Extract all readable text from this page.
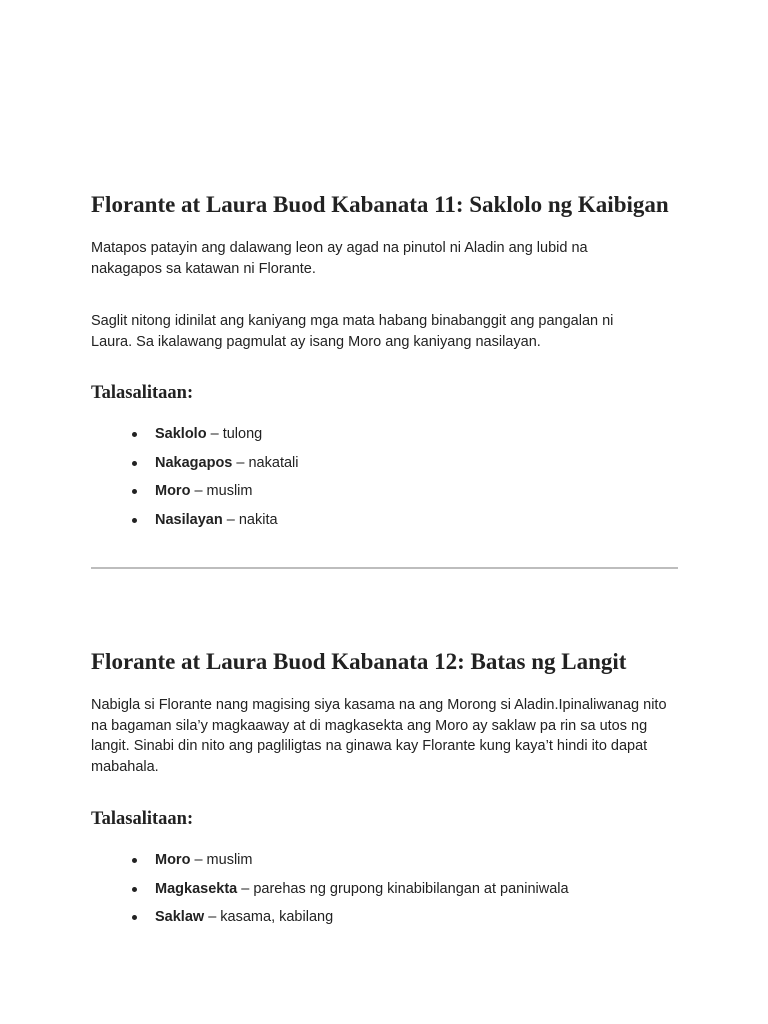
Florante at Laura Buod Kabanata 11: Saklolo ng Kaibigan

Matapos patayin ang dalawang leon ay agad na pinutol ni Aladin ang lubid na nakagapos sa katawan ni Florante.

Saglit nitong idinilat ang kaniyang mga mata habang binabanggit ang pangalan ni Laura. Sa ikalawang pagmulat ay isang Moro ang kaniyang nasilayan.

Talasalitaan:
Saklolo – tulong
Nakagapos – nakatali
Moro – muslim
Nasilayan – nakita
Florante at Laura Buod Kabanata 12: Batas ng Langit

Nabigla si Florante nang magising siya kasama na ang Morong si Aladin.Ipinaliwanag nito na bagaman sila’y magkaaway at di magkasekta ang Moro ay saklaw pa rin sa utos ng langit. Sinabi din nito ang pagliligtas na ginawa kay Florante kung kaya’t hindi ito dapat mabahala.

Talasalitaan:
Moro – muslim
Magkasekta – parehas ng grupong kinabibilangan at paniniwala
Saklaw – kasama, kabilang
